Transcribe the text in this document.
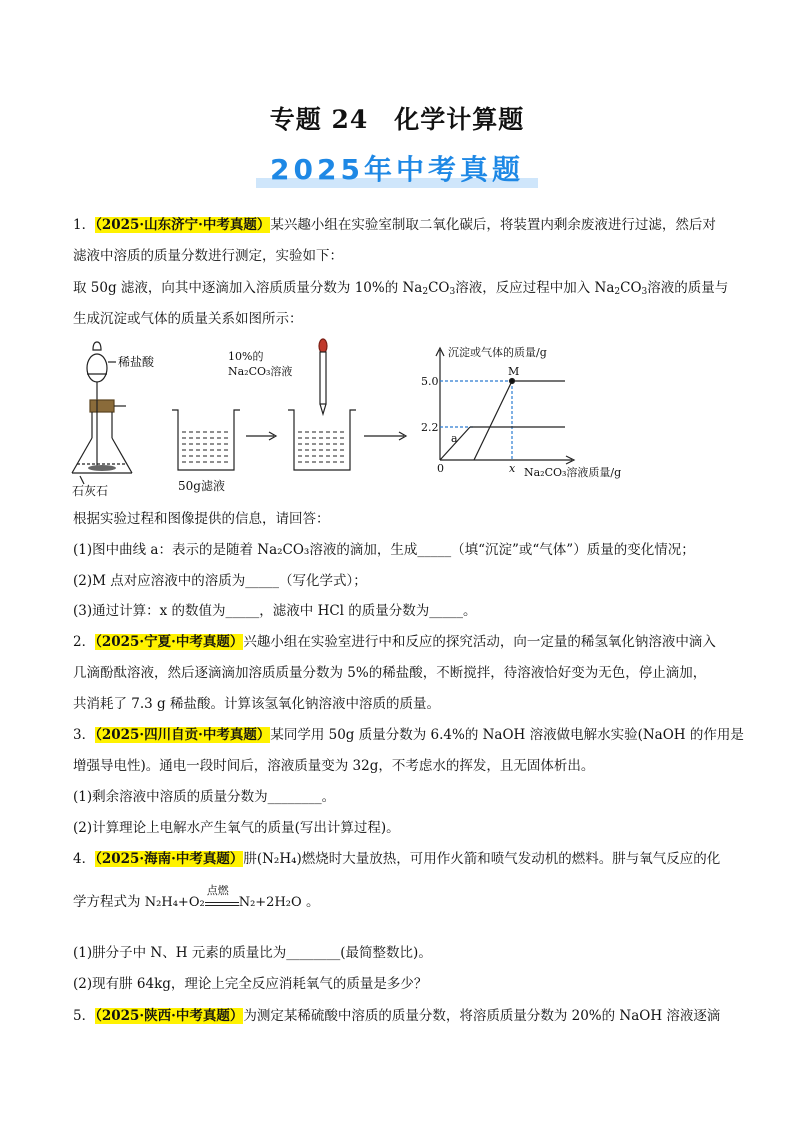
专题 24　化学计算题
2025年中考真题
1．（2025·山东济宁·中考真题）某兴趣小组在实验室制取二氧化碳后，将装置内剩余废液进行过滤，然后对
滤液中溶质的质量分数进行测定，实验如下：
取 50g 滤液，向其中逐滴加入溶质质量分数为 10%的 $Na_2CO_3$溶液，反应过程中加入 $Na_2CO_3$溶液的质量与
生成沉淀或气体的质量关系如图所示：
稀盐酸
石灰石	50g滤液
10%的
Na₂CO₃溶液
沉淀或气体的质量/g
5.0
2.2
0	x
a
M
Na₂CO₃溶液质量/g
根据实验过程和图像提供的信息，请回答：
(1)图中曲线 a：表示的是随着 Na₂CO₃溶液的滴加，生成_____（填“沉淀”或“气体”）质量的变化情况；
(2)M 点对应溶液中的溶质为_____（写化学式）；
(3)通过计算：x 的数值为_____，滤液中 HCl 的质量分数为_____。
2．（2025·宁夏·中考真题）兴趣小组在实验室进行中和反应的探究活动，向一定量的稀氢氧化钠溶液中滴入
几滴酚酞溶液，然后逐滴滴加溶质质量分数为 5%的稀盐酸，不断搅拌，待溶液恰好变为无色，停止滴加，
共消耗了 7.3 g 稀盐酸。计算该氢氧化钠溶液中溶质的质量。
3．（2025·四川自贡·中考真题）某同学用 50g 质量分数为 6.4%的 NaOH 溶液做电解水实验(NaOH 的作用是
增强导电性)。通电一段时间后，溶液质量变为 32g，不考虑水的挥发，且无固体析出。
(1)剩余溶液中溶质的质量分数为________。
(2)计算理论上电解水产生氧气的质量(写出计算过程)。
4．（2025·海南·中考真题）肼(N₂H₄)燃烧时大量放热，可用作火箭和喷气发动机的燃料。肼与氧气反应的化
学方程式为 N₂H₄+O₂
点燃
N₂+2H₂O 。
(1)肼分子中 N、H 元素的质量比为________(最简整数比)。
(2)现有肼 64kg，理论上完全反应消耗氧气的质量是多少？
5．（2025·陕西·中考真题）为测定某稀硫酸中溶质的质量分数，将溶质质量分数为 20%的 NaOH 溶液逐滴
